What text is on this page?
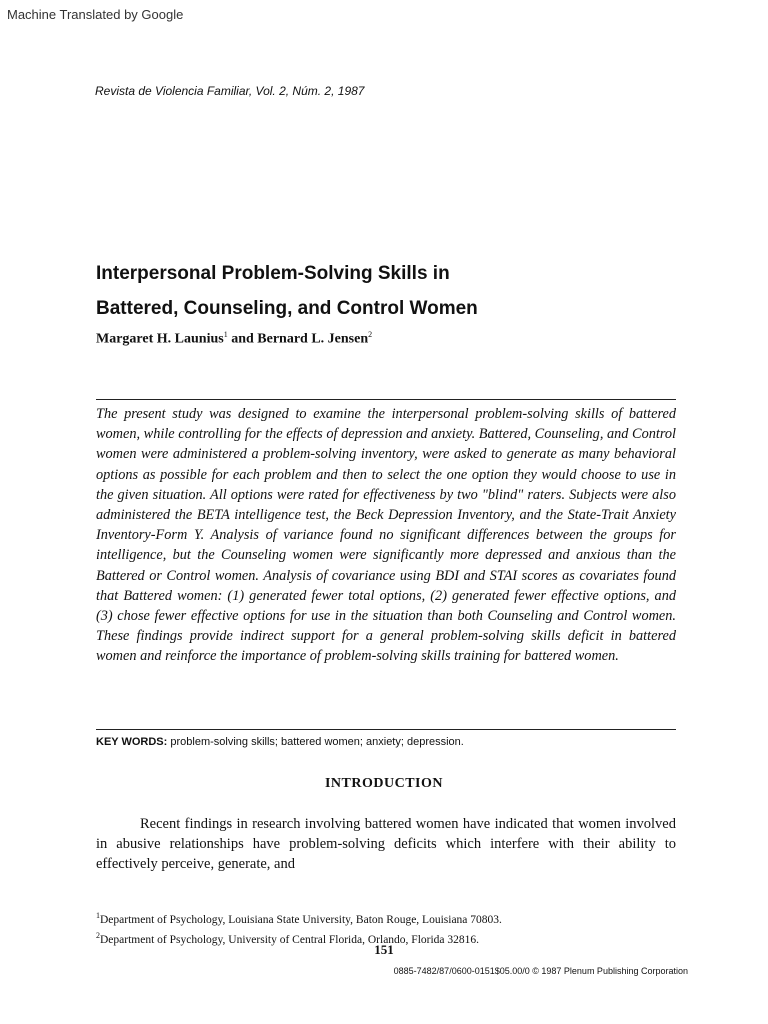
Machine Translated by Google
Revista de Violencia Familiar, Vol. 2, Núm. 2, 1987
Interpersonal Problem-Solving Skills in
Battered, Counseling, and Control Women
Margaret H. Launius$^1$ and Bernard L. Jensen$^2$

The present study was designed to examine the interpersonal problem-solving skills of battered women, while controlling for the effects of depression and anxiety. Battered, Counseling, and Control women were administered a problem-solving inventory, were asked to generate as many behavioral options as possible for each problem and then to select the one option they would choose to use in the given situation. All options were rated for effectiveness by two "blind" raters. Subjects were also administered the BETA intelligence test, the Beck Depression Inventory, and the State-Trait Anxiety Inventory-Form Y. Analysis of variance found no significant differences between the groups for intelligence, but the Counseling women were significantly more depressed and anxious than the Battered or Control women. Analysis of covariance using BDI and STAI scores as covariates found that Battered women: (1) generated fewer total options, (2) generated fewer effective options, and (3) chose fewer effective options for use in the situation than both Counseling and Control women. These findings provide indirect support for a general problem-solving skills deficit in battered women and reinforce the importance of problem-solving skills training for battered women.

KEY WORDS: problem-solving skills; battered women; anxiety; depression.
INTRODUCTION

Recent findings in research involving battered women have indicated that women involved in abusive relationships have problem-solving deficits which interfere with their ability to effectively perceive, generate, and

$^1$Department of Psychology, Louisiana State University, Baton Rouge, Louisiana 70803.
$^2$Department of Psychology, University of Central Florida, Orlando, Florida 32816.
151
0885-7482/87/0600-0151$05.00/0 © 1987 Plenum Publishing Corporation
